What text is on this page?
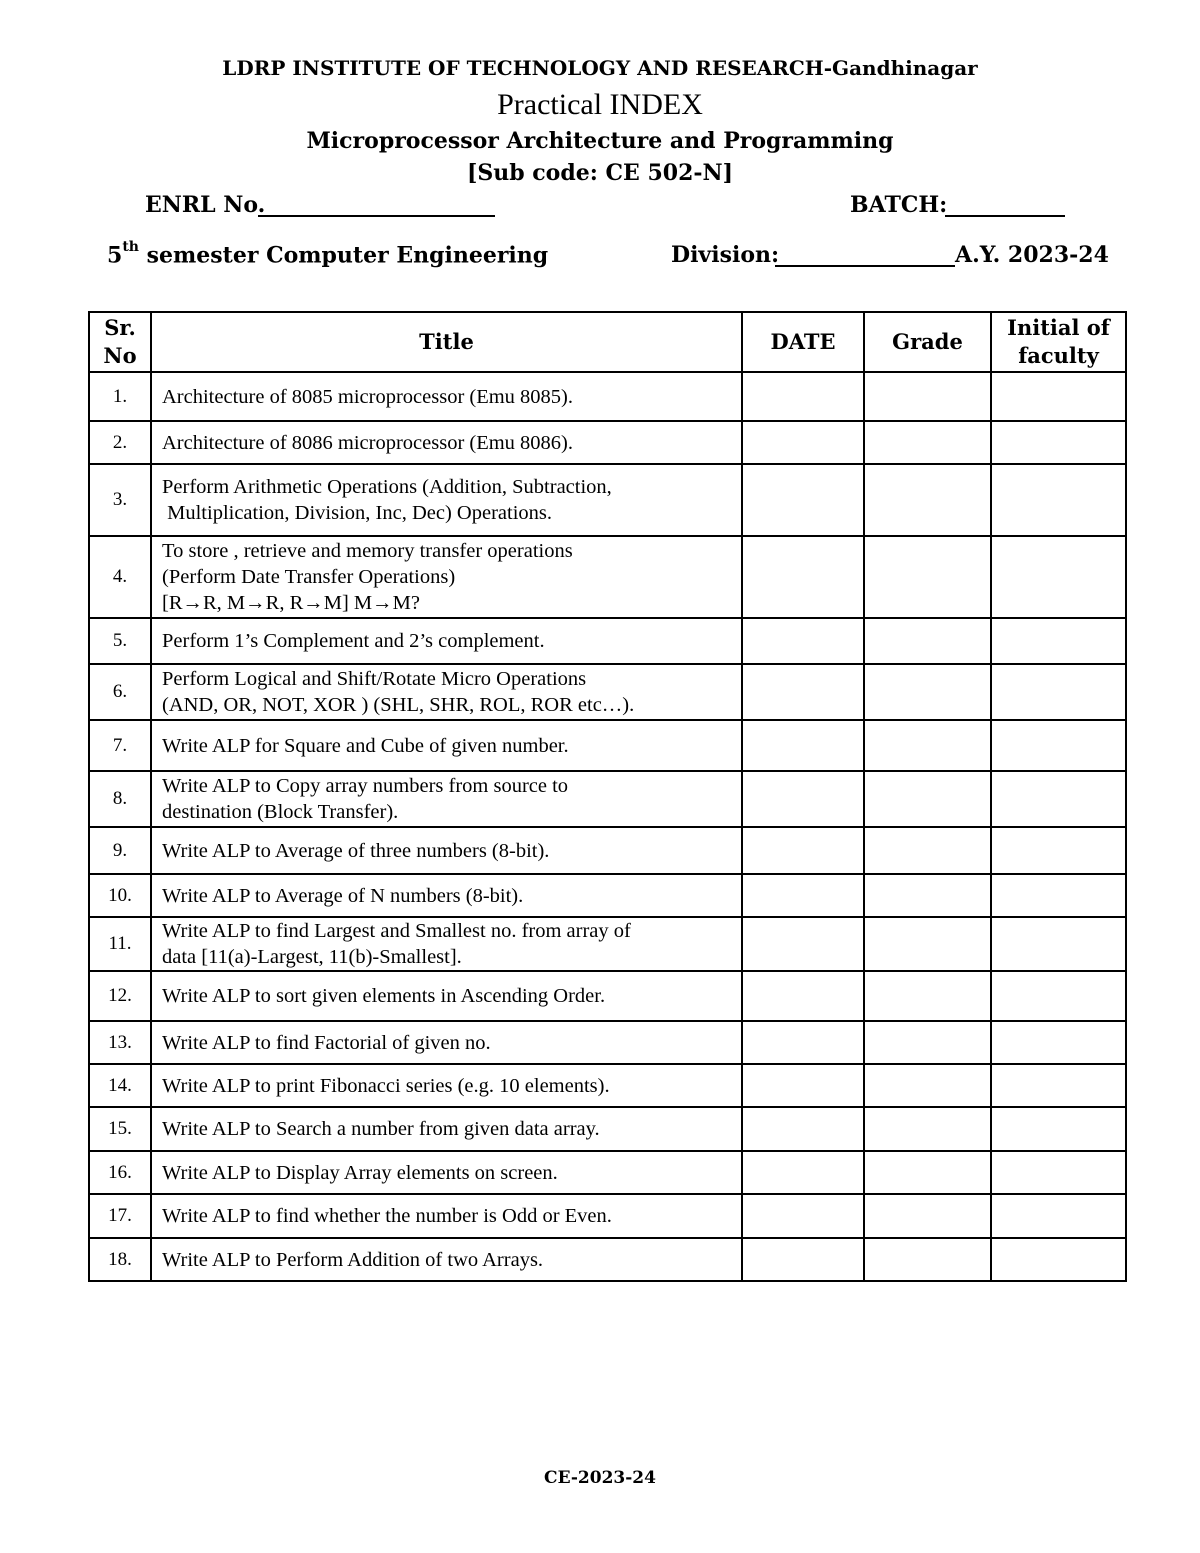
LDRP INSTITUTE OF TECHNOLOGY AND RESEARCH-Gandhinagar
Practical INDEX
Microprocessor Architecture and Programming
[Sub code: CE 502-N]
ENRL No.	BATCH:
5th semester Computer Engineering	Division:	A.Y. 2023-24
Sr. No	Title	DATE	Grade	Initial of faculty
1.	Architecture of 8085 microprocessor (Emu 8085).			
2.	Architecture of 8086 microprocessor (Emu 8086).			
3.	Perform Arithmetic Operations (Addition, Subtraction,
Multiplication, Division, Inc, Dec) Operations.			
4.	To store , retrieve and memory transfer operations
(Perform Date Transfer Operations)
[R→R, M→R, R→M] M→M?			
5.	Perform 1’s Complement and 2’s complement.			
6.	Perform Logical and Shift/Rotate Micro Operations
(AND, OR, NOT, XOR ) (SHL, SHR, ROL, ROR etc…).			
7.	Write ALP for Square and Cube of given number.			
8.	Write ALP to Copy array numbers from source to
destination (Block Transfer).			
9.	Write ALP to Average of three numbers (8-bit).			
10.	Write ALP to Average of N numbers (8-bit).			
11.	Write ALP to find Largest and Smallest no. from array of
data [11(a)-Largest, 11(b)-Smallest].			
12.	Write ALP to sort given elements in Ascending Order.			
13.	Write ALP to find Factorial of given no.			
14.	Write ALP to print Fibonacci series (e.g. 10 elements).			
15.	Write ALP to Search a number from given data array.			
16.	Write ALP to Display Array elements on screen.			
17.	Write ALP to find whether the number is Odd or Even.			
18.	Write ALP to Perform Addition of two Arrays.			
CE-2023-24
